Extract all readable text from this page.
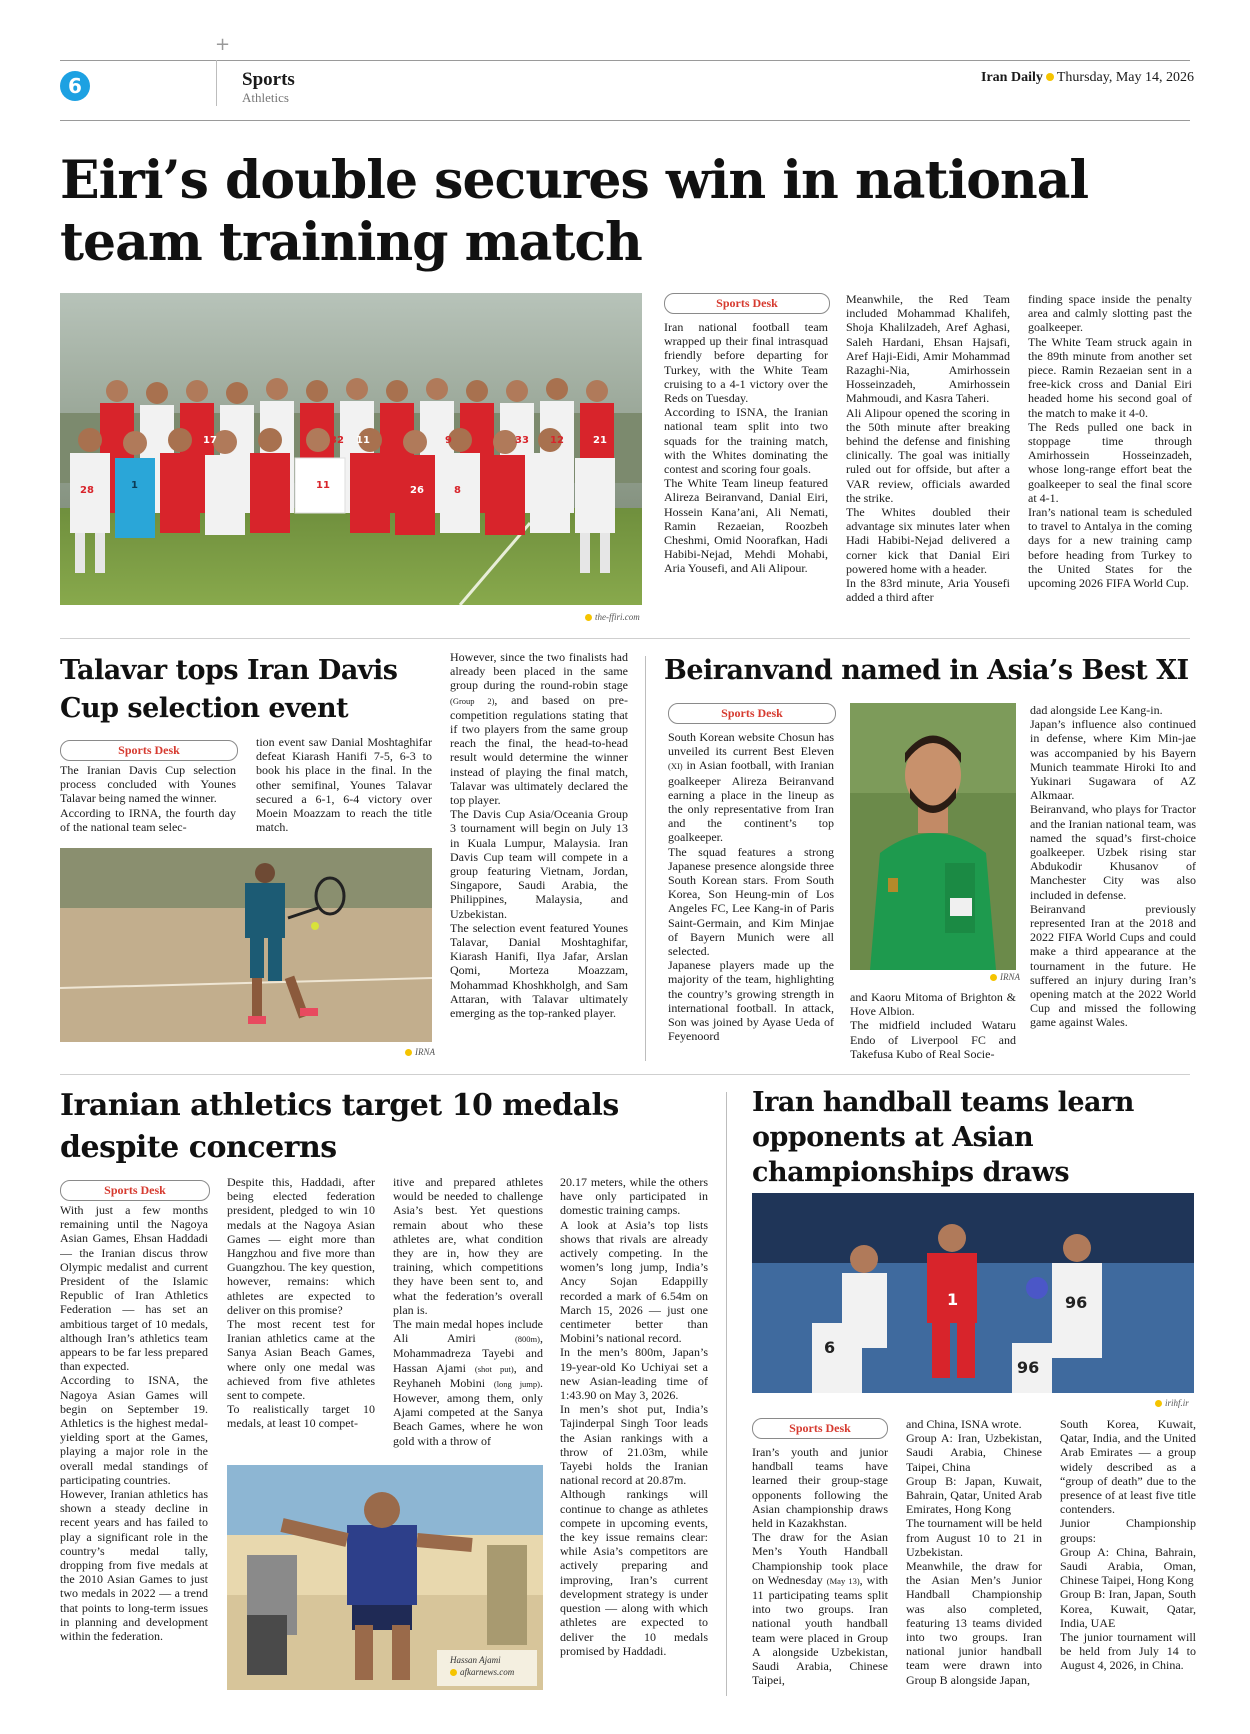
+
6	Sports
Athletics
Iran Daily Thursday, May 14, 2026
Eiri’s double secures win in national team training match
17	32 11	9	33 12	21
28	26	8
11
1
the-ffiri.com
Sports Desk

Iran national football team wrapped up their final intrasquad friendly before departing for Turkey, with the White Team cruising to a 4-1 victory over the Reds on Tuesday.

According to ISNA, the Iranian national team split into two squads for the training match, with the Whites dominating the contest and scoring four goals.

The White Team lineup featured Alireza Beiranvand, Danial Eiri, Hossein Kana’ani, Ali Nemati, Ramin Rezaeian, Roozbeh Cheshmi, Omid Noorafkan, Hadi Habibi-Nejad, Mehdi Mohabi, Aria Yousefi, and Ali Alipour.

Meanwhile, the Red Team included Mohammad Khalifeh, Shoja Khalilzadeh, Aref Aghasi, Saleh Hardani, Ehsan Hajsafi, Aref Haji-Eidi, Amir Mohammad Razaghi-Nia, Amirhossein Hosseinzadeh, Amirhossein Mahmoudi, and Kasra Taheri.

Ali Alipour opened the scoring in the 50th minute after breaking behind the defense and finishing clinically. The goal was initially ruled out for offside, but after a VAR review, officials awarded the strike.

The Whites doubled their advantage six minutes later when Hadi Habibi-Nejad delivered a corner kick that Danial Eiri powered home with a header.

In the 83rd minute, Aria Yousefi added a third after

finding space inside the penalty area and calmly slotting past the goalkeeper.

The White Team struck again in the 89th minute from another set piece. Ramin Rezaeian sent in a free-kick cross and Danial Eiri headed home his second goal of the match to make it 4-0.

The Reds pulled one back in stoppage time through Amirhossein Hosseinzadeh, whose long-range effort beat the goalkeeper to seal the final score at 4-1.

Iran’s national team is scheduled to travel to Antalya in the coming days for a new training camp before heading from Turkey to the United States for the upcoming 2026 FIFA World Cup.

Talavar tops Iran Davis Cup selection event
Sports Desk

The Iranian Davis Cup selection process concluded with Younes Talavar being named the winner.

According to IRNA, the fourth day of the national team selec-

tion event saw Danial Moshtaghifar defeat Kiarash Hanifi 7-5, 6-3 to book his place in the final. In the other semifinal, Younes Talavar secured a 6-1, 6-4 victory over Moein Moazzam to reach the title match.

IRNA

However, since the two finalists had already been placed in the same group during the round-robin stage (Group 2), and based on pre-competition regulations stating that if two players from the same group reach the final, the head-to-head result would determine the winner instead of playing the final match, Talavar was ultimately declared the top player.

The Davis Cup Asia/Oceania Group 3 tournament will begin on July 13 in Kuala Lumpur, Malaysia. Iran Davis Cup team will compete in a group featuring Vietnam, Jordan, Singapore, Saudi Arabia, the Philippines, Malaysia, and Uzbekistan.

The selection event featured Younes Talavar, Danial Moshtaghifar, Kiarash Hanifi, Ilya Jafar, Arslan Qomi, Morteza Moazzam, Mohammad Khoshkholgh, and Sam Attaran, with Talavar ultimately emerging as the top-ranked player.

Beiranvand named in Asia’s Best XI
Sports Desk

South Korean website Chosun has unveiled its current Best Eleven (XI) in Asian football, with Iranian goalkeeper Alireza Beiranvand earning a place in the lineup as the only representative from Iran and the continent’s top goalkeeper.

The squad features a strong Japanese presence alongside three South Korean stars. From South Korea, Son Heung-min of Los Angeles FC, Lee Kang-in of Paris Saint-Germain, and Kim Minjae of Bayern Munich were all selected.

Japanese players made up the majority of the team, highlighting the country’s growing strength in international football. In attack, Son was joined by Ayase Ueda of Feyenoord

IRNA

and Kaoru Mitoma of Brighton & Hove Albion.

The midfield included Wataru Endo of Liverpool FC and Takefusa Kubo of Real Socie-

dad alongside Lee Kang-in.

Japan’s influence also continued in defense, where Kim Min-jae was accompanied by his Bayern Munich teammate Hiroki Ito and Yukinari Sugawara of AZ Alkmaar.

Beiranvand, who plays for Tractor and the Iranian national team, was named the squad’s first-choice goalkeeper. Uzbek rising star Abdukodir Khusanov of Manchester City was also included in defense.

Beiranvand previously represented Iran at the 2018 and 2022 FIFA World Cups and could make a third appearance at the tournament in the future. He suffered an injury during Iran’s opening match at the 2022 World Cup and missed the following game against Wales.

Iranian athletics target 10 medals despite concerns
Sports Desk

With just a few months remaining until the Nagoya Asian Games, Ehsan Haddadi — the Iranian discus throw Olympic medalist and current President of the Islamic Republic of Iran Athletics Federation — has set an ambitious target of 10 medals, although Iran’s athletics team appears to be far less prepared than expected.

According to ISNA, the Nagoya Asian Games will begin on September 19. Athletics is the highest medal-yielding sport at the Games, playing a major role in the overall medal standings of participating countries.

However, Iranian athletics has shown a steady decline in recent years and has failed to play a significant role in the country’s medal tally, dropping from five medals at the 2010 Asian Games to just two medals in 2022 — a trend that points to long-term issues in planning and development within the federation.

Despite this, Haddadi, after being elected federation president, pledged to win 10 medals at the Nagoya Asian Games — eight more than Hangzhou and five more than Guangzhou. The key question, however, remains: which athletes are expected to deliver on this promise?

The most recent test for Iranian athletics came at the Sanya Asian Beach Games, where only one medal was achieved from five athletes sent to compete.

To realistically target 10 medals, at least 10 compet-

itive and prepared athletes would be needed to challenge Asia’s best. Yet questions remain about who these athletes are, what condition they are in, how they are training, which competitions they have been sent to, and what the federation’s overall plan is.

The main medal hopes include Ali Amiri (800m), Mohammadreza Tayebi and Hassan Ajami (shot put), and Reyhaneh Mobini (long jump). However, among them, only Ajami competed at the Sanya Beach Games, where he won gold with a throw of

Hassan Ajami
afkarnews.com

20.17 meters, while the others have only participated in domestic training camps.

A look at Asia’s top lists shows that rivals are already actively competing. In the women’s long jump, India’s Ancy Sojan Edappilly recorded a mark of 6.54m on March 15, 2026 — just one centimeter better than Mobini’s national record.

In the men’s 800m, Japan’s 19-year-old Ko Uchiyai set a new Asian-leading time of 1:43.90 on May 3, 2026.

In men’s shot put, India’s Tajinderpal Singh Toor leads the Asian rankings with a throw of 21.03m, while Tayebi holds the Iranian national record at 20.87m.

Although rankings will continue to change as athletes compete in upcoming events, the key issue remains clear: while Asia’s competitors are actively preparing and improving, Iran’s current development strategy is under question — along with which athletes are expected to deliver the 10 medals promised by Haddadi.

Iran handball teams learn opponents at Asian championships draws
6
1	96
96
irihf.ir
Sports Desk

Iran’s youth and junior handball teams have learned their group-stage opponents following the Asian championship draws held in Kazakhstan.

The draw for the Asian Men’s Youth Handball Championship took place on Wednesday (May 13), with 11 participating teams split into two groups. Iran national youth handball team were placed in Group A alongside Uzbekistan, Saudi Arabia, Chinese Taipei,

and China, ISNA wrote.

Group A: Iran, Uzbekistan, Saudi Arabia, Chinese Taipei, China

Group B: Japan, Kuwait, Bahrain, Qatar, United Arab Emirates, Hong Kong

The tournament will be held from August 10 to 21 in Uzbekistan.

Meanwhile, the draw for the Asian Men’s Junior Handball Championship was also completed, featuring 13 teams divided into two groups. Iran national junior handball team were drawn into Group B alongside Japan,

South Korea, Kuwait, Qatar, India, and the United Arab Emirates — a group widely described as a “group of death” due to the presence of at least five title contenders.

Junior Championship groups:

Group A: China, Bahrain, Saudi Arabia, Oman, Chinese Taipei, Hong Kong

Group B: Iran, Japan, South Korea, Kuwait, Qatar, India, UAE

The junior tournament will be held from July 14 to August 4, 2026, in China.
